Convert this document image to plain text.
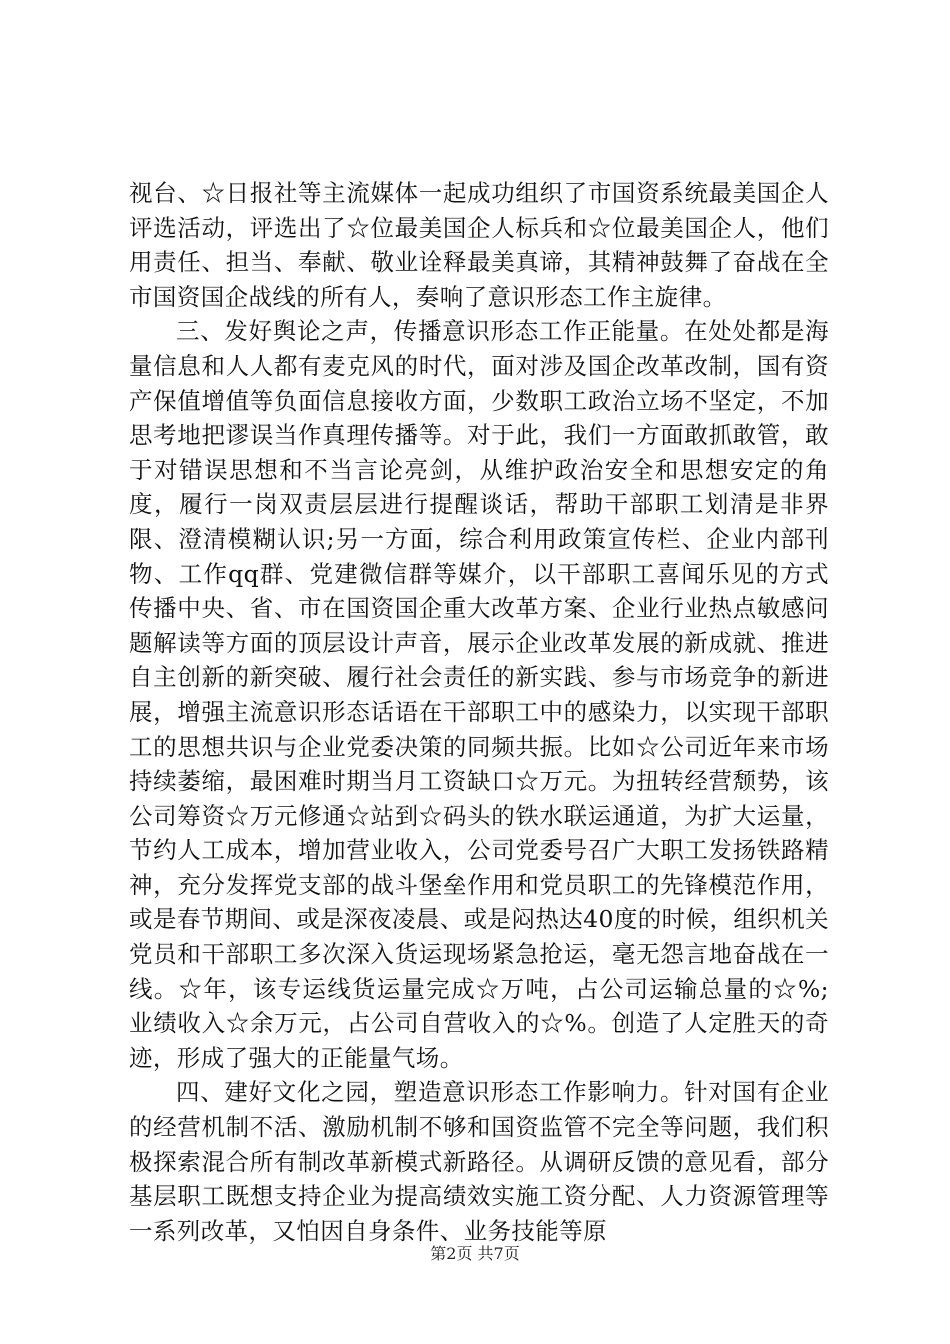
视台、☆日报社等主流媒体一起成功组织了市国资系统最美国企人评选活动，评选出了☆位最美国企人标兵和☆位最美国企人，他们用责任、担当、奉献、敬业诠释最美真谛，其精神鼓舞了奋战在全市国资国企战线的所有人，奏响了意识形态工作主旋律。

三、发好舆论之声，传播意识形态工作正能量。在处处都是海量信息和人人都有麦克风的时代，面对涉及国企改革改制，国有资产保值增值等负面信息接收方面，少数职工政治立场不坚定，不加思考地把谬误当作真理传播等。对于此，我们一方面敢抓敢管，敢于对错误思想和不当言论亮剑，从维护政治安全和思想安定的角度，履行一岗双责层层进行提醒谈话，帮助干部职工划清是非界限、澄清模糊认识;另一方面，综合利用政策宣传栏、企业内部刊物、工作qq群、党建微信群等媒介，以干部职工喜闻乐见的方式传播中央、省、市在国资国企重大改革方案、企业行业热点敏感问题解读等方面的顶层设计声音，展示企业改革发展的新成就、推进自主创新的新突破、履行社会责任的新实践、参与市场竞争的新进展，增强主流意识形态话语在干部职工中的感染力，以实现干部职工的思想共识与企业党委决策的同频共振。比如☆公司近年来市场持续萎缩，最困难时期当月工资缺口☆万元。为扭转经营颓势，该公司筹资☆万元修通☆站到☆码头的铁水联运通道，为扩大运量，节约人工成本，增加营业收入，公司党委号召广大职工发扬铁路精神，充分发挥党支部的战斗堡垒作用和党员职工的先锋模范作用，或是春节期间、或是深夜凌晨、或是闷热达40度的时候，组织机关党员和干部职工多次深入货运现场紧急抢运，毫无怨言地奋战在一线。☆年，该专运线货运量完成☆万吨，占公司运输总量的☆%;业绩收入☆余万元，占公司自营收入的☆%。创造了人定胜天的奇迹，形成了强大的正能量气场。

四、建好文化之园，塑造意识形态工作影响力。针对国有企业的经营机制不活、激励机制不够和国资监管不完全等问题，我们积极探索混合所有制改革新模式新路径。从调研反馈的意见看，部分基层职工既想支持企业为提高绩效实施工资分配、人力资源管理等一系列改革，又怕因自身条件、业务技能等原

第2页 共7页
